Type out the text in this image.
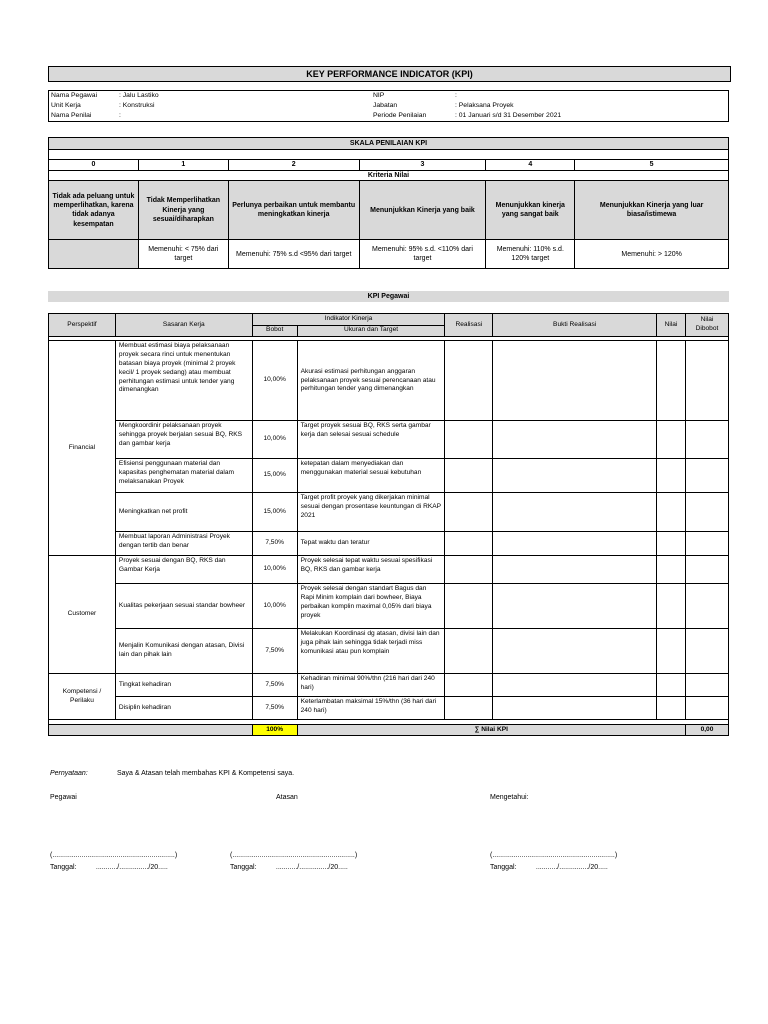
KEY PERFORMANCE INDICATOR (KPI)
Nama Pegawai	: Jalu Lastiko	NIP	:
Unit Kerja	: Konstruksi	Jabatan	: Pelaksana Proyek
Nama Penilai	:	Periode Penilaian	: 01 Januari s/d 31 Desember 2021
SKALA PENILAIAN KPI					

0	1	2	3	4	5
Kriteria Nilai					
Tidak ada peluang untuk memperlihatkan, karena tidak adanya kesempatan	Tidak Memperlihatkan Kinerja yang sesuai/diharapkan	Perlunya perbaikan untuk membantu meningkatkan kinerja	Menunjukkan Kinerja yang baik	Menunjukkan kinerja yang sangat baik	Menunjukkan Kinerja yang luar biasa/istimewa
	Memenuhi: < 75% dari target	Memenuhi: 75% s.d <95% dari target	Memenuhi: 95% s.d. <110% dari target	Memenuhi: 110% s.d. 120% target	Memenuhi: > 120%
KPI Pegawai
Perspektif	Sasaran Kerja	Indikator Kinerja		Realisasi	Bukti Realisasi	Nilai	Nilai Dibobot
		Bobot	Ukuran dan Target				

Financial	Membuat estimasi biaya pelaksanaan proyek secara rinci untuk menentukan batasan biaya proyek (minimal 2 proyek kecil/ 1 proyek sedang) atau membuat perhitungan estimasi untuk tender yang dimenangkan	10,00%	Akurasi estimasi perhitungan anggaran pelaksanaan proyek sesuai perencanaan atau perhitungan tender yang dimenangkan				
	Mengkoordinir pelaksanaan proyek sehingga proyek berjalan sesuai BQ, RKS dan gambar kerja	10,00%	Target proyek sesuai BQ, RKS serta gambar kerja dan selesai sesuai schedule				
	Efisiensi penggunaan material dan kapasitas penghematan material dalam melaksanakan Proyek	15,00%	ketepatan dalam menyediakan dan menggunakan material sesuai kebutuhan				
	Meningkatkan net profit	15,00%	Target profit proyek yang dikerjakan minimal sesuai dengan prosentase keuntungan di RKAP 2021				
	Membuat laporan Administrasi Proyek dengan tertib dan benar	7,50%	Tepat waktu dan teratur				
Customer	Proyek sesuai dengan BQ, RKS dan Gambar Kerja	10,00%	Proyek selesai tepat waktu sesuai spesifikasi BQ, RKS dan gambar kerja				
	Kualitas pekerjaan sesuai standar bowheer	10,00%	Proyek selesai dengan standart Bagus dan Rapi Minim komplain dari bowheer, Biaya perbaikan komplin maximal 0,05% dari biaya proyek				
	Menjalin Komunikasi dengan atasan, Divisi lain dan pihak lain	7,50%	Melakukan Koordinasi dg atasan, divisi lain dan juga pihak lain sehingga tidak terjadi miss komunikasi atau pun komplain				
Kompetensi / Perilaku	Tingkat kehadiran	7,50%	Kehadiran minimal 90%/thn (216 hari dari 240 hari)				
	Disiplin kehadiran	7,50%	Keterlambatan maksimal 15%/thn (36 hari dari 240 hari)				

		100%	∑ Nilai KPI				0,00
Pernyataan:	Saya & Atasan telah membahas KPI & Kompetensi saya.
Pegawai	Atasan	Mengetahui:
(...............................................................)	(...............................................................)	(...............................................................)
Tanggal:          .........../.............../20.....	Tanggal:          .........../.............../20.....	Tanggal:          .........../.............../20.....
